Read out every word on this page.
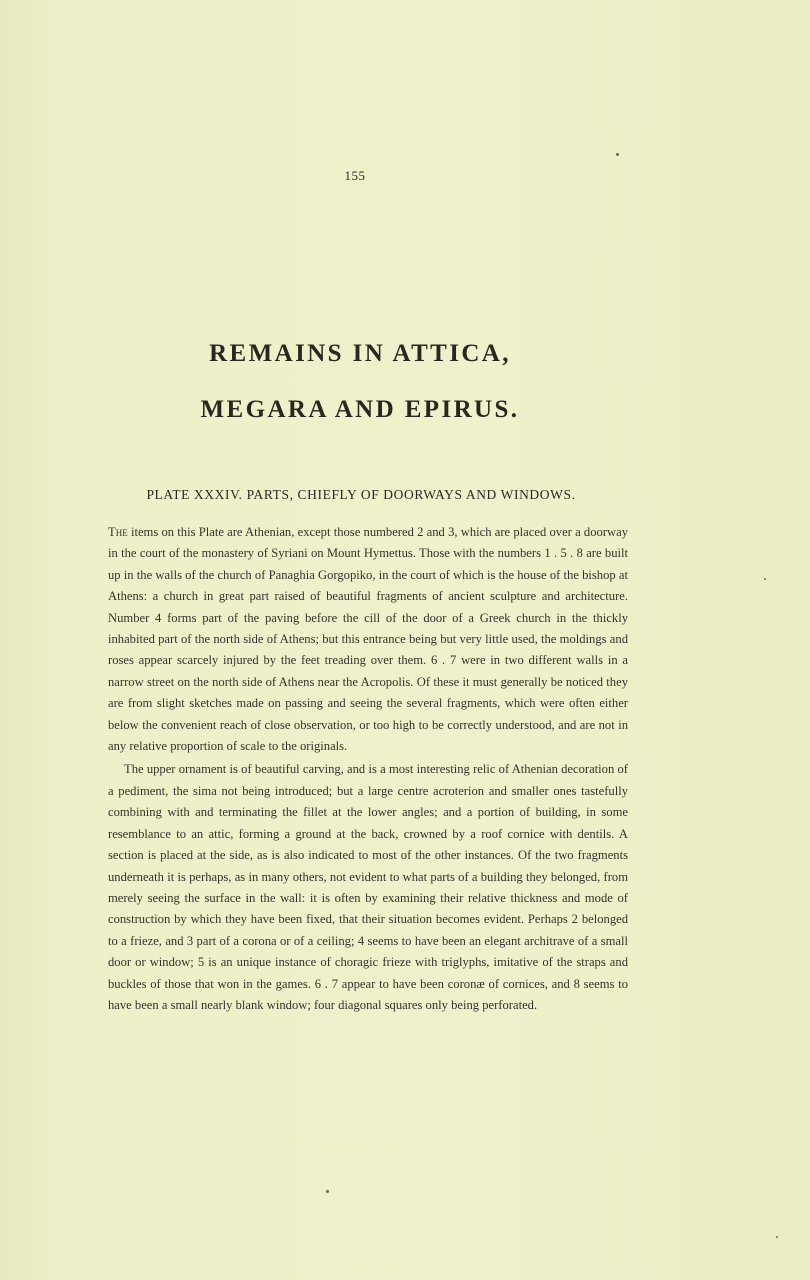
155
REMAINS IN ATTICA,
MEGARA AND EPIRUS.
PLATE XXXIV. PARTS, CHIEFLY OF DOORWAYS AND WINDOWS.

The items on this Plate are Athenian, except those numbered 2 and 3, which are placed over a doorway in the court of the monastery of Syriani on Mount Hymettus. Those with the numbers 1 . 5 . 8 are built up in the walls of the church of Panaghia Gorgopiko, in the court of which is the house of the bishop at Athens: a church in great part raised of beautiful fragments of ancient sculpture and architecture. Number 4 forms part of the paving before the cill of the door of a Greek church in the thickly inhabited part of the north side of Athens; but this entrance being but very little used, the moldings and roses appear scarcely injured by the feet treading over them. 6 . 7 were in two different walls in a narrow street on the north side of Athens near the Acropolis. Of these it must generally be noticed they are from slight sketches made on passing and seeing the several fragments, which were often either below the convenient reach of close observation, or too high to be correctly understood, and are not in any relative proportion of scale to the originals.

The upper ornament is of beautiful carving, and is a most interesting relic of Athenian decoration of a pediment, the sima not being introduced; but a large centre acroterion and smaller ones tastefully combining with and terminating the fillet at the lower angles; and a portion of building, in some resemblance to an attic, forming a ground at the back, crowned by a roof cornice with dentils. A section is placed at the side, as is also indicated to most of the other instances. Of the two fragments underneath it is perhaps, as in many others, not evident to what parts of a building they belonged, from merely seeing the surface in the wall: it is often by examining their relative thickness and mode of construction by which they have been fixed, that their situation becomes evident. Perhaps 2 belonged to a frieze, and 3 part of a corona or of a ceiling; 4 seems to have been an elegant architrave of a small door or window; 5 is an unique instance of choragic frieze with triglyphs, imitative of the straps and buckles of those that won in the games. 6 . 7 appear to have been coronæ of cornices, and 8 seems to have been a small nearly blank window; four diagonal squares only being perforated.
